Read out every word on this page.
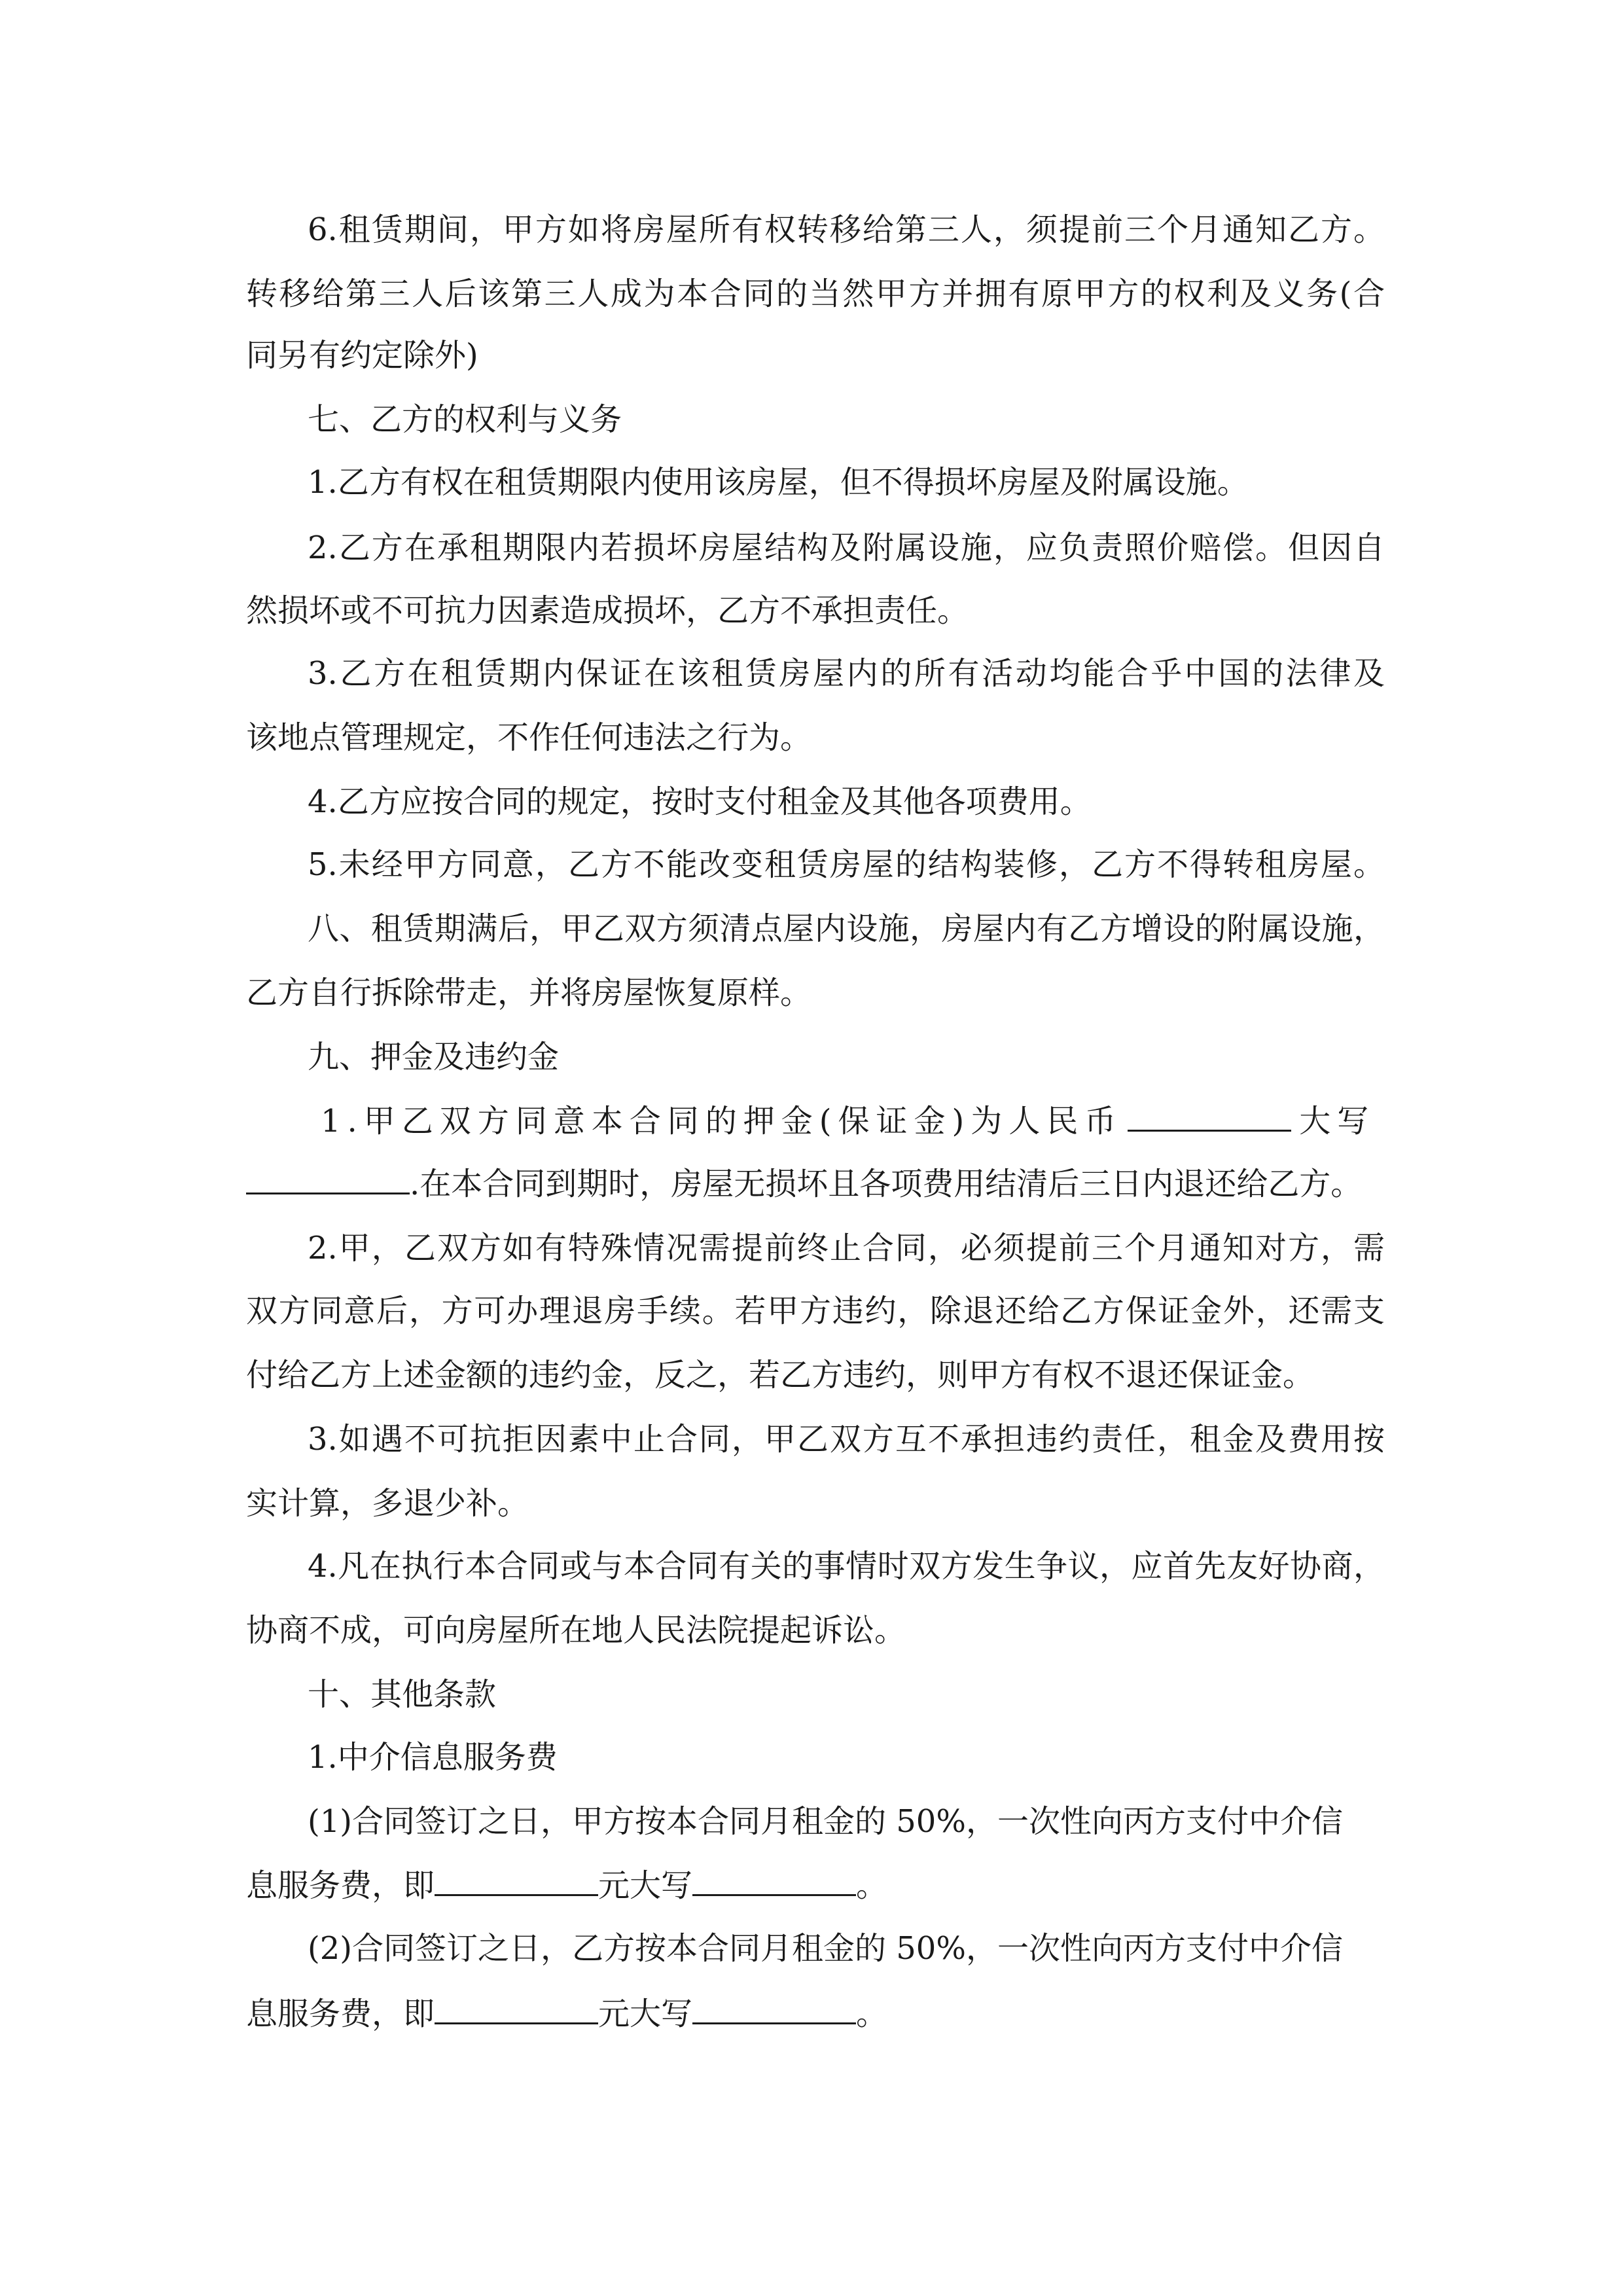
6.租赁期间，甲方如将房屋所有权转移给第三人，须提前三个月通知乙方。
转移给第三人后该第三人成为本合同的当然甲方并拥有原甲方的权利及义务(合
同另有约定除外)
七、乙方的权利与义务
1.乙方有权在租赁期限内使用该房屋，但不得损坏房屋及附属设施。
2.乙方在承租期限内若损坏房屋结构及附属设施，应负责照价赔偿。但因自
然损坏或不可抗力因素造成损坏，乙方不承担责任。
3.乙方在租赁期内保证在该租赁房屋内的所有活动均能合乎中国的法律及
该地点管理规定，不作任何违法之行为。
4.乙方应按合同的规定，按时支付租金及其他各项费用。
5.未经甲方同意，乙方不能改变租赁房屋的结构装修，乙方不得转租房屋。
八、租赁期满后，甲乙双方须清点屋内设施，房屋内有乙方增设的附属设施，
乙方自行拆除带走，并将房屋恢复原样。
九、押金及违约金
1.甲乙双方同意本合同的押金(保证金)为人民币	大写
.在本合同到期时，房屋无损坏且各项费用结清后三日内退还给乙方。
2.甲，乙双方如有特殊情况需提前终止合同，必须提前三个月通知对方，需
双方同意后，方可办理退房手续。若甲方违约，除退还给乙方保证金外，还需支
付给乙方上述金额的违约金，反之，若乙方违约，则甲方有权不退还保证金。
3.如遇不可抗拒因素中止合同，甲乙双方互不承担违约责任，租金及费用按
实计算，多退少补。
4.凡在执行本合同或与本合同有关的事情时双方发生争议，应首先友好协商，
协商不成，可向房屋所在地人民法院提起诉讼。
十、其他条款
1.中介信息服务费
(1)合同签订之日，甲方按本合同月租金的 50%，一次性向丙方支付中介信
息服务费，即	元大写	。
(2)合同签订之日，乙方按本合同月租金的 50%，一次性向丙方支付中介信
息服务费，即	元大写	。
